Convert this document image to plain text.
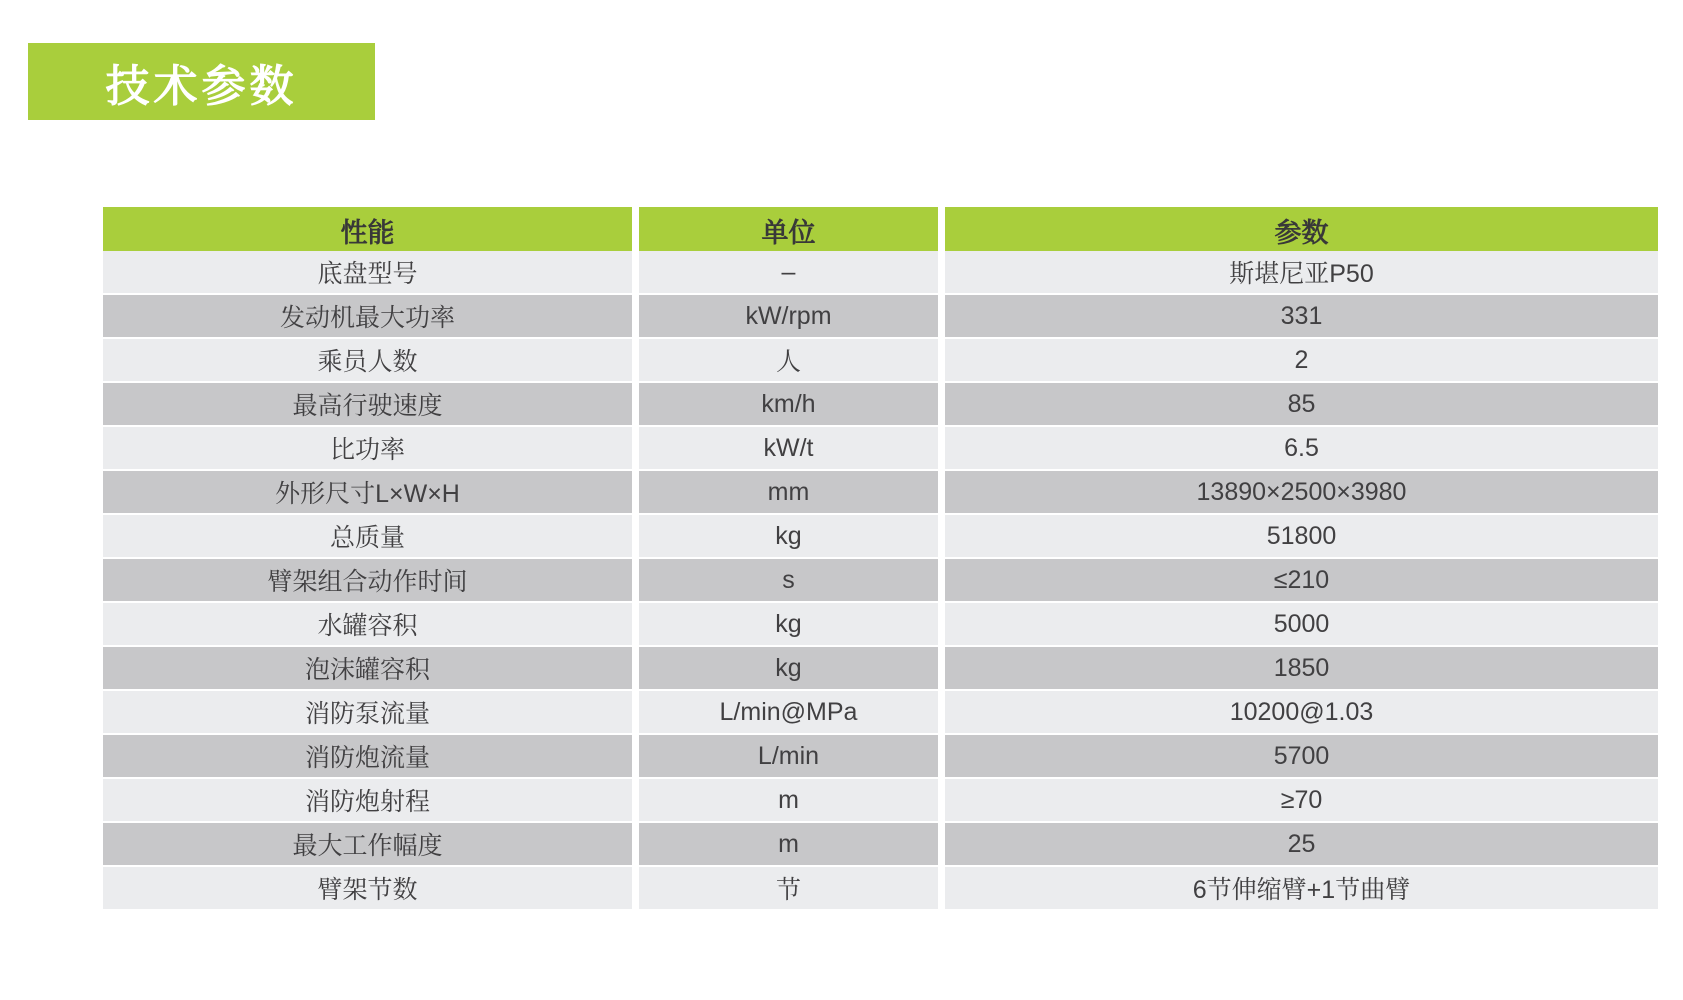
技术参数
性能	单位	参数
底盘型号	–	斯堪尼亚P50
发动机最大功率	kW/rpm	331
乘员人数	人	2
最高行驶速度	km/h	85
比功率	kW/t	6.5
外形尺寸L×W×H	mm	13890×2500×3980
总质量	kg	51800
臂架组合动作时间	s	≤210
水罐容积	kg	5000
泡沫罐容积	kg	1850
消防泵流量	L/min@MPa	10200@1.03
消防炮流量	L/min	5700
消防炮射程	m	≥70
最大工作幅度	m	25
臂架节数	节	6节伸缩臂+1节曲臂
